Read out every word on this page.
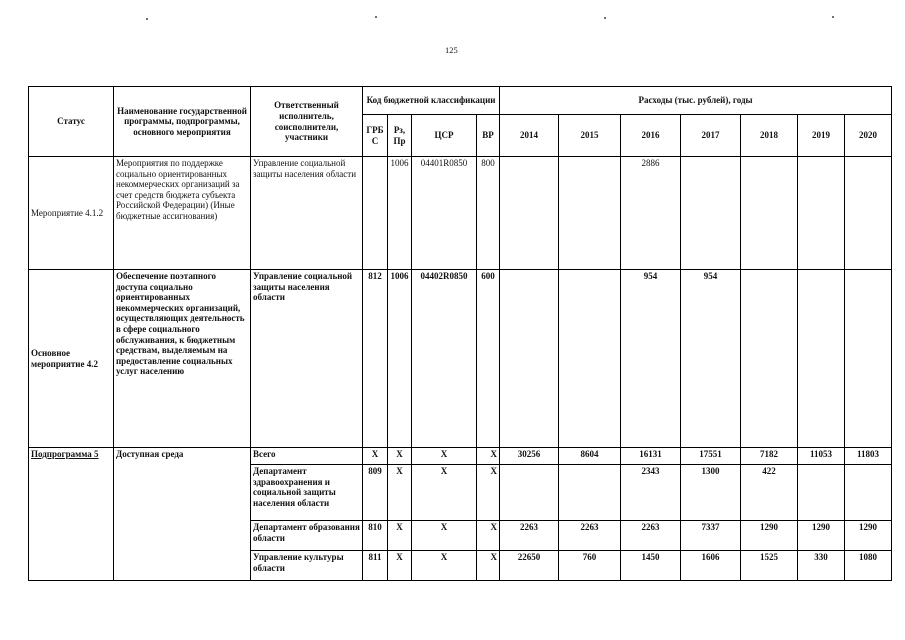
125
Статус	Наименование государственной программы, подпрограммы, основного мероприятия	Ответственный исполнитель, соисполнители, участники	Код бюджетной классификации				Расходы (тыс. рублей), годы						
			ГРБС	Рз, Пр	ЦСР	ВР	2014	2015	2016	2017	2018	2019	2020
Мероприятие 4.1.2	Мероприятия по поддержке социально ориентированных некоммерческих организаций за счет средств бюджета субъекта Российской Федерации) (Иные бюджетные ассигнования)	Управление социальной защиты населения области		1006	04401R0850	800			2886				
Основное мероприятие 4.2	Обеспечение поэтапного доступа социально ориентированных некоммерческих организаций, осуществляющих деятельность в сфере социального обслуживания, к бюджетным средствам, выделяемым на предоставление социальных услуг населению	Управление социальной защиты населения области	812	1006	04402R0850	600			954	954			
Подпрограмма 5	Доступная среда	Всего	Х	Х	Х	Х	30256	8604	16131	17551	7182	11053	11803
		Департамент здравоохранения и социальной защиты населения области	809	Х	Х	Х			2343	1300	422		
		Департамент образования области	810	Х	Х	Х	2263	2263	2263	7337	1290	1290	1290
		Управление культуры области	811	Х	Х	Х	22650	760	1450	1606	1525	330	1080
